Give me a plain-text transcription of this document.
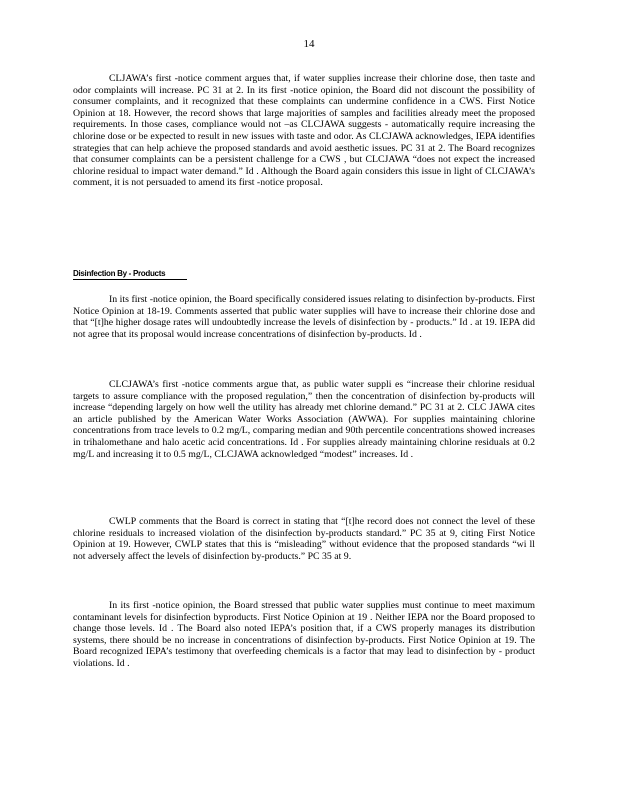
14

CLJAWA’s first -notice comment argues that, if water supplies increase their chlorine dose, then taste and odor complaints will increase. PC 31 at 2. In its first -notice opinion, the Board did not discount the possibility of consumer complaints, and it recognized that these complaints can undermine confidence in a CWS. First Notice Opinion at 18. However, the record shows that large majorities of samples and facilities already meet the proposed requirements. In those cases, compliance would not –as CLCJAWA suggests - automatically require increasing the chlorine dose or be expected to result in new issues with taste and odor. As CLCJAWA acknowledges, IEPA identifies strategies that can help achieve the proposed standards and avoid aesthetic issues. PC 31 at 2. The Board recognizes that consumer complaints can be a persistent challenge for a CWS , but CLCJAWA “does not expect the increased chlorine residual to impact water demand.” Id . Although the Board again considers this issue in light of CLCJAWA’s comment, it is not persuaded to amend its first -notice proposal.

Disinfection By - Products

In its first -notice opinion, the Board specifically considered issues relating to disinfection by-products. First Notice Opinion at 18-19. Comments asserted that public water supplies will have to increase their chlorine dose and that “[t]he higher dosage rates will undoubtedly increase the levels of disinfection by - products.” Id . at 19. IEPA did not agree that its proposal would increase concentrations of disinfection by-products. Id .

CLCJAWA’s first -notice comments argue that, as public water suppli es “increase their chlorine residual targets to assure compliance with the proposed regulation,” then the concentration of disinfection by-products will increase “depending largely on how well the utility has already met chlorine demand.” PC 31 at 2. CLC JAWA cites an article published by the American Water Works Association (AWWA). For supplies maintaining chlorine concentrations from trace levels to 0.2 mg/L, comparing median and 90th percentile concentrations showed increases in trihalomethane and halo acetic acid concentrations. Id . For supplies already maintaining chlorine residuals at 0.2 mg/L and increasing it to 0.5 mg/L, CLCJAWA acknowledged “modest” increases. Id .

CWLP comments that the Board is correct in stating that “[t]he record does not connect the level of these chlorine residuals to increased violation of the disinfection by-products standard.” PC 35 at 9, citing First Notice Opinion at 19. However, CWLP states that this is “misleading” without evidence that the proposed standards “wi ll not adversely affect the levels of disinfection by-products.” PC 35 at 9.

In its first -notice opinion, the Board stressed that public water supplies must continue to meet maximum contaminant levels for disinfection byproducts. First Notice Opinion at 19 . Neither IEPA nor the Board proposed to change those levels. Id . The Board also noted IEPA’s position that, if a CWS properly manages its distribution systems, there should be no increase in concentrations of disinfection by-products. First Notice Opinion at 19. The Board recognized IEPA’s testimony that overfeeding chemicals is a factor that may lead to disinfection by - product violations. Id .
